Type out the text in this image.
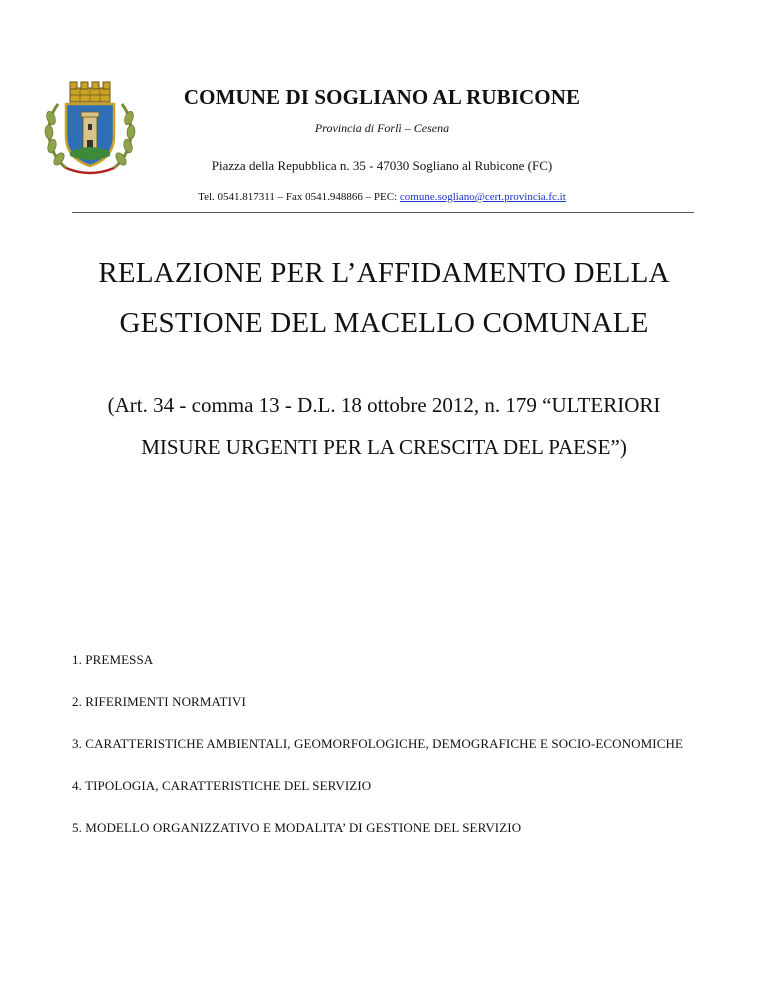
COMUNE DI SOGLIANO AL RUBICONE
Provincia di Forlì – Cesena
Piazza della Repubblica n. 35 - 47030 Sogliano al Rubicone (FC)
Tel. 0541.817311 – Fax 0541.948866 – PEC: comune.sogliano@cert.provincia.fc.it
RELAZIONE PER L’AFFIDAMENTO DELLA
GESTIONE DEL MACELLO COMUNALE
(Art. 34 - comma 13 - D.L. 18 ottobre 2012, n. 179 “ULTERIORI
MISURE URGENTI PER LA CRESCITA DEL PAESE”)
1. PREMESSA
2. RIFERIMENTI NORMATIVI
3. CARATTERISTICHE AMBIENTALI, GEOMORFOLOGICHE, DEMOGRAFICHE E SOCIO-ECONOMICHE
4. TIPOLOGIA, CARATTERISTICHE DEL SERVIZIO
5. MODELLO ORGANIZZATIVO E MODALITA’ DI GESTIONE DEL SERVIZIO
